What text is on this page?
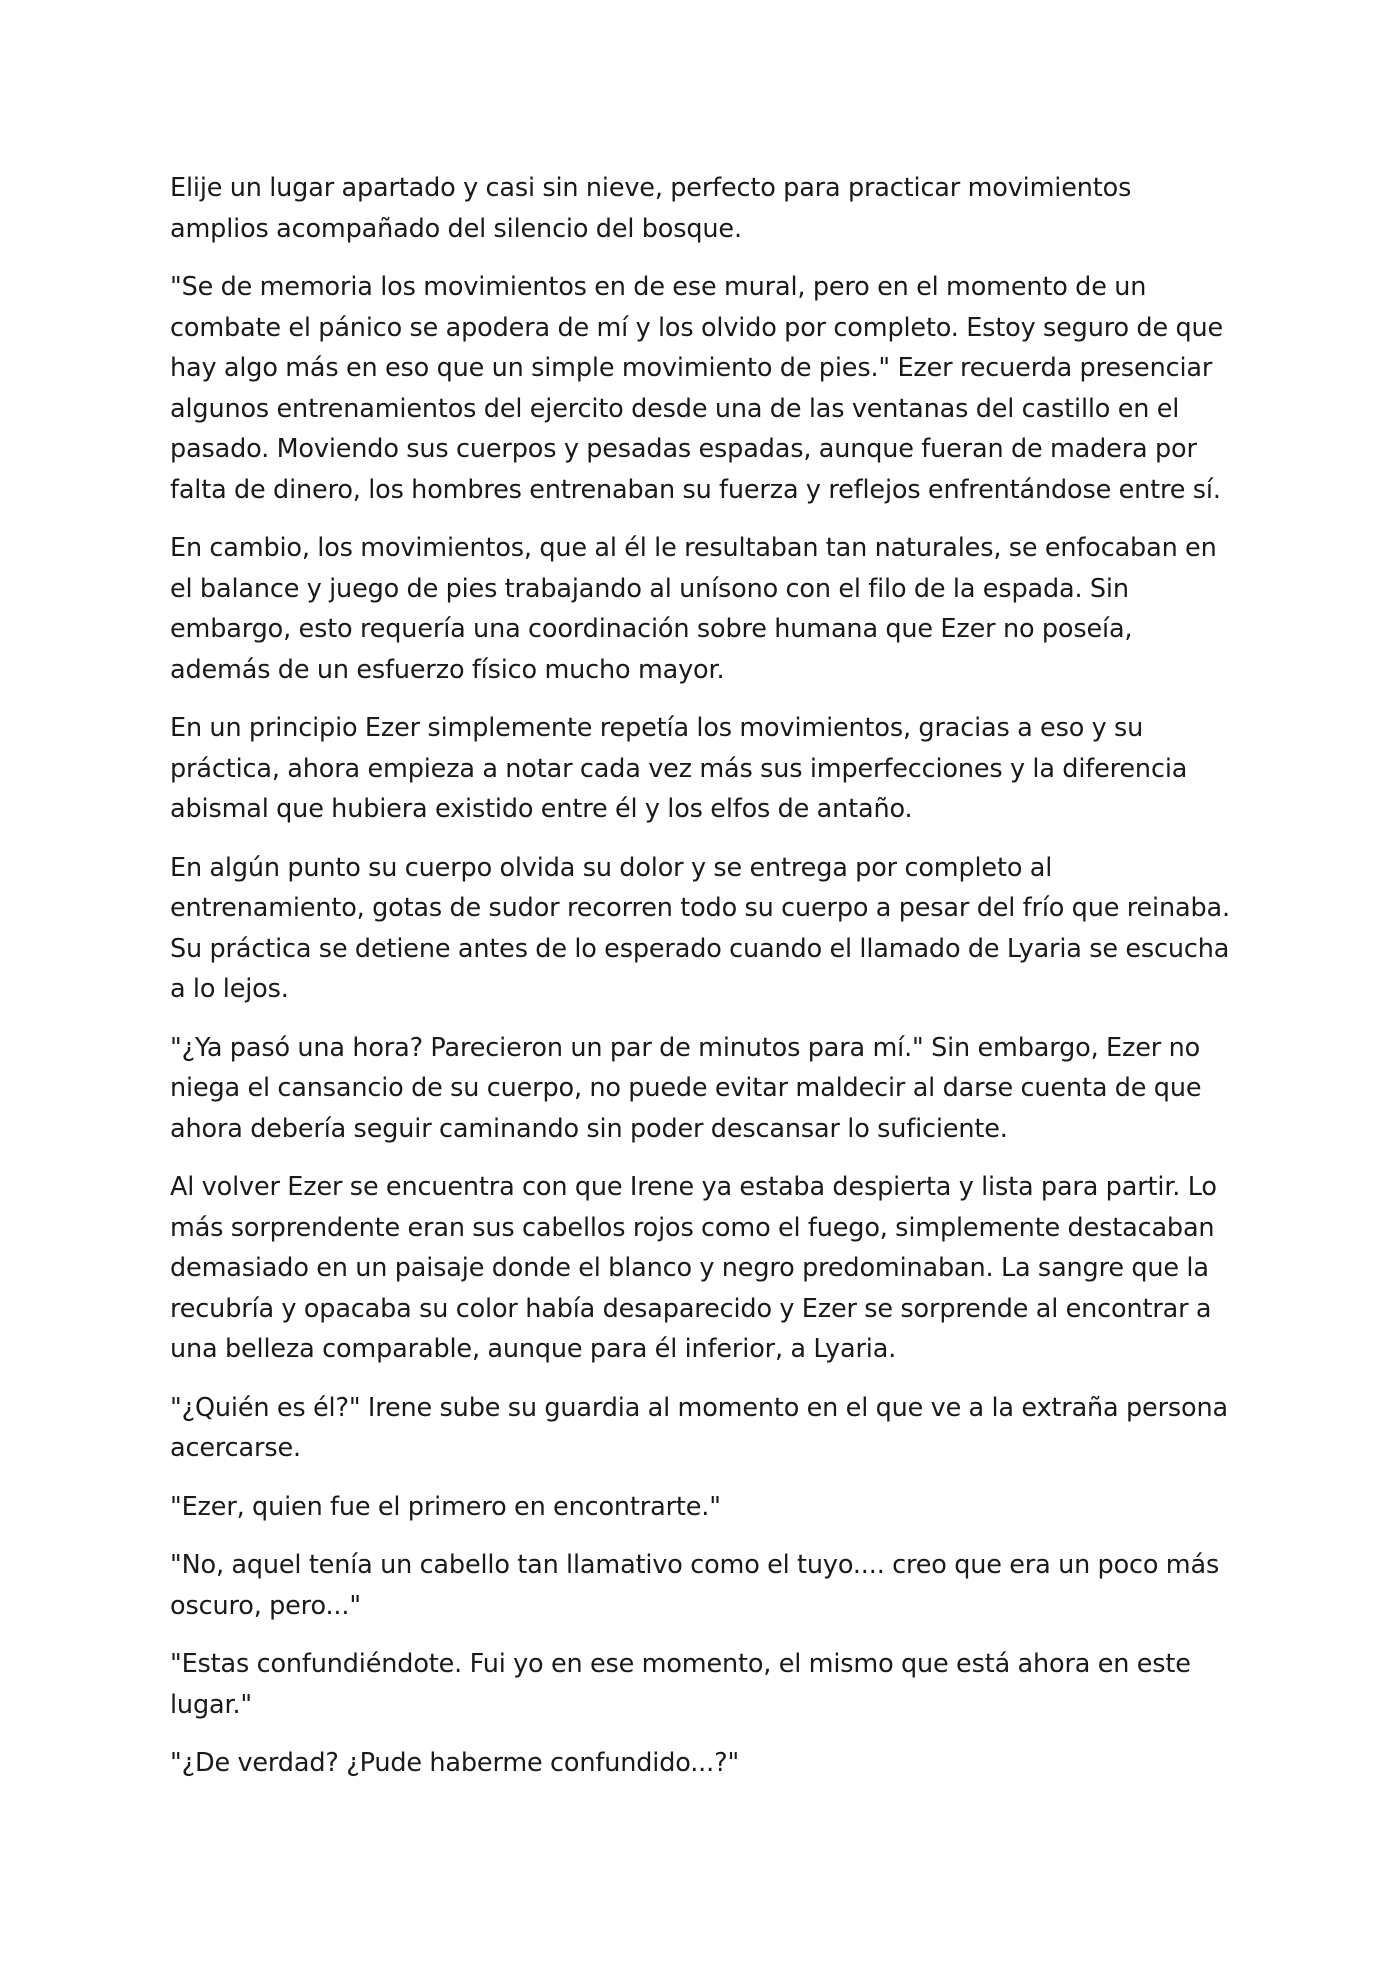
Elije un lugar apartado y casi sin nieve, perfecto para practicar movimientos amplios acompañado del silencio del bosque.

"Se de memoria los movimientos en de ese mural, pero en el momento de un combate el pánico se apodera de mí y los olvido por completo. Estoy seguro de que hay algo más en eso que un simple movimiento de pies." Ezer recuerda presenciar algunos entrenamientos del ejercito desde una de las ventanas del castillo en el pasado. Moviendo sus cuerpos y pesadas espadas, aunque fueran de madera por falta de dinero, los hombres entrenaban su fuerza y reflejos enfrentándose entre sí.

En cambio, los movimientos, que al él le resultaban tan naturales, se enfocaban en el balance y juego de pies trabajando al unísono con el filo de la espada. Sin embargo, esto requería una coordinación sobre humana que Ezer no poseía, además de un esfuerzo físico mucho mayor.

En un principio Ezer simplemente repetía los movimientos, gracias a eso y su práctica, ahora empieza a notar cada vez más sus imperfecciones y la diferencia abismal que hubiera existido entre él y los elfos de antaño.

En algún punto su cuerpo olvida su dolor y se entrega por completo al entrenamiento, gotas de sudor recorren todo su cuerpo a pesar del frío que reinaba. Su práctica se detiene antes de lo esperado cuando el llamado de Lyaria se escucha a lo lejos.

"¿Ya pasó una hora? Parecieron un par de minutos para mí." Sin embargo, Ezer no niega el cansancio de su cuerpo, no puede evitar maldecir al darse cuenta de que ahora debería seguir caminando sin poder descansar lo suficiente.

Al volver Ezer se encuentra con que Irene ya estaba despierta y lista para partir. Lo más sorprendente eran sus cabellos rojos como el fuego, simplemente destacaban demasiado en un paisaje donde el blanco y negro predominaban. La sangre que la recubría y opacaba su color había desaparecido y Ezer se sorprende al encontrar a una belleza comparable, aunque para él inferior, a Lyaria.

"¿Quién es él?" Irene sube su guardia al momento en el que ve a la extraña persona acercarse.

"Ezer, quien fue el primero en encontrarte."

"No, aquel tenía un cabello tan llamativo como el tuyo.... creo que era un poco más oscuro, pero..."

"Estas confundiéndote. Fui yo en ese momento, el mismo que está ahora en este lugar."

"¿De verdad? ¿Pude haberme confundido...?"
